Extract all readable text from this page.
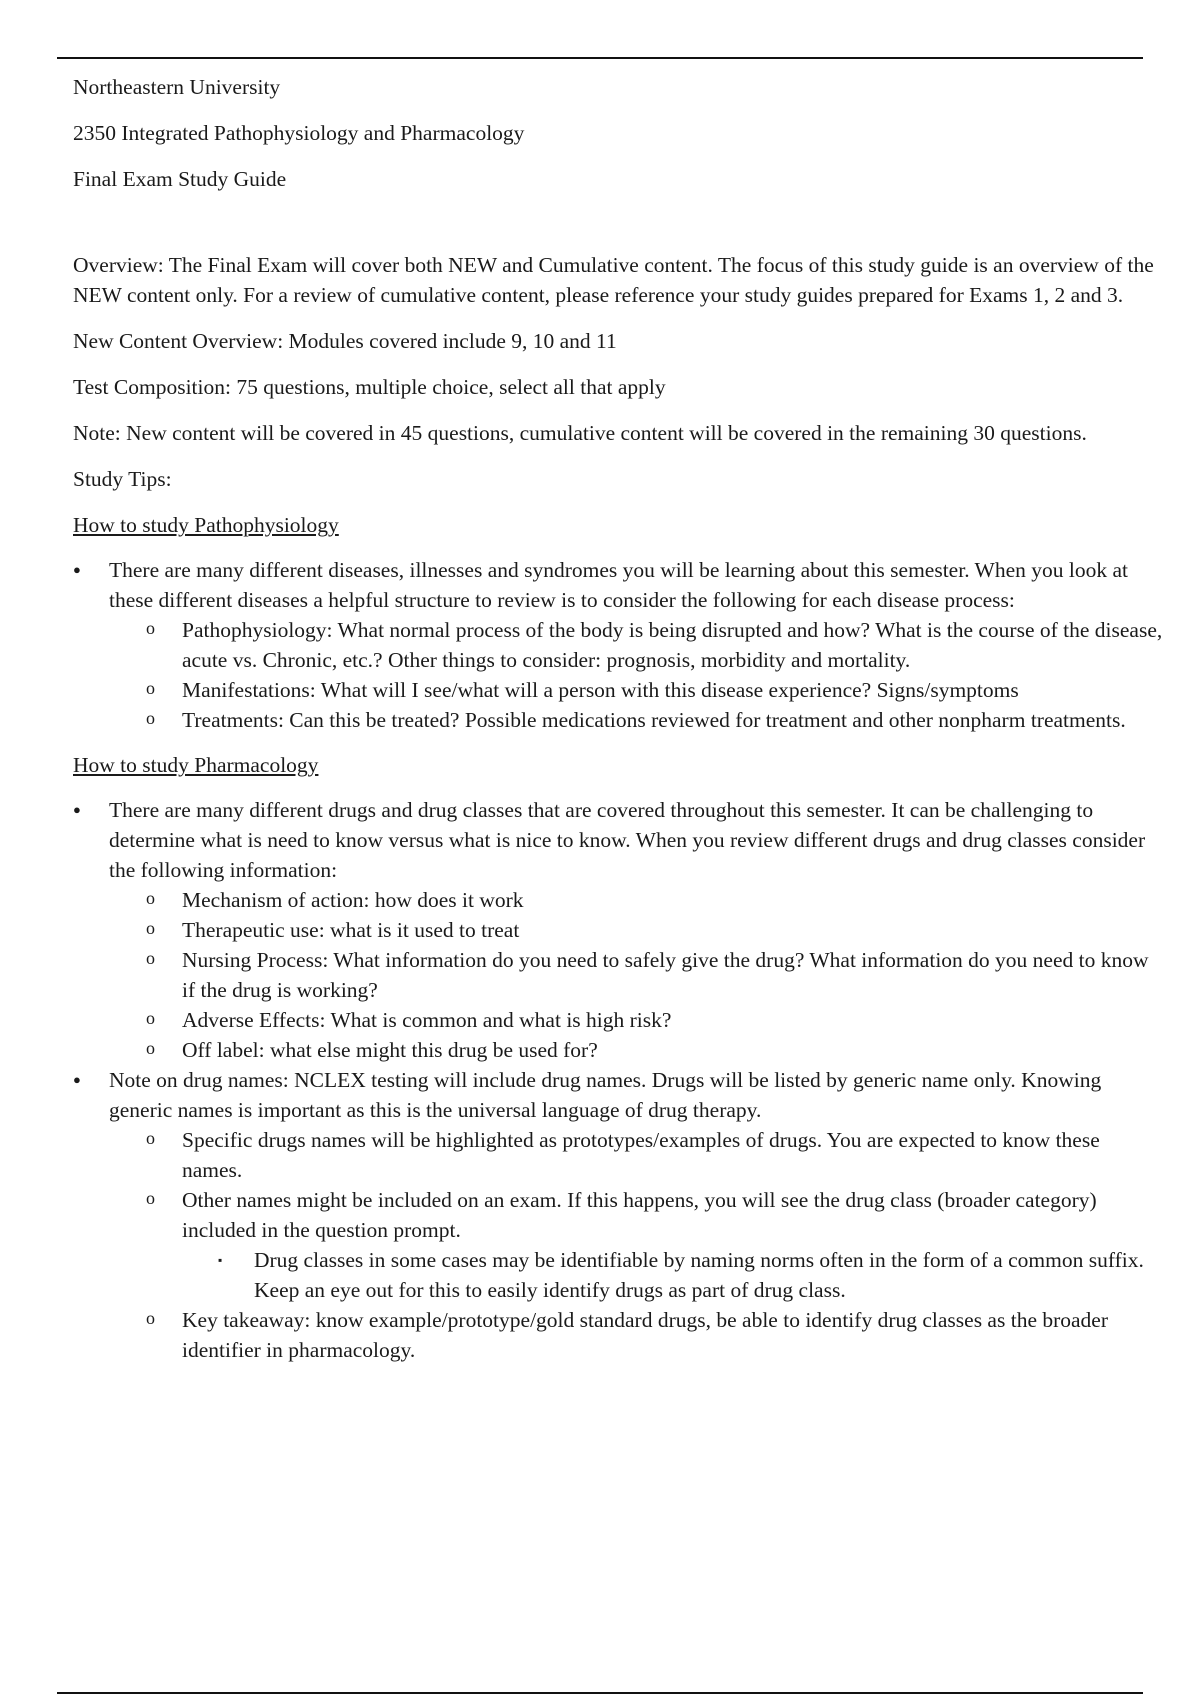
Northeastern University

2350 Integrated Pathophysiology and Pharmacology

Final Exam Study Guide

Overview: The Final Exam will cover both NEW and Cumulative content. The focus of this study guide is an overview of the NEW content only. For a review of cumulative content, please reference your study guides prepared for Exams 1, 2 and 3.

New Content Overview: Modules covered include 9, 10 and 11

Test Composition: 75 questions, multiple choice, select all that apply

Note: New content will be covered in 45 questions, cumulative content will be covered in the remaining 30 questions.

Study Tips:

How to study Pathophysiology

● There are many different diseases, illnesses and syndromes you will be learning about this semester. When you look at these different diseases a helpful structure to review is to consider the following for each disease process:
o Pathophysiology: What normal process of the body is being disrupted and how? What is the course of the disease, acute vs. Chronic, etc.? Other things to consider: prognosis, morbidity and mortality.
o Manifestations: What will I see/what will a person with this disease experience? Signs/symptoms
o Treatments: Can this be treated? Possible medications reviewed for treatment and other nonpharm treatments.

How to study Pharmacology

● There are many different drugs and drug classes that are covered throughout this semester. It can be challenging to determine what is need to know versus what is nice to know. When you review different drugs and drug classes consider the following information:
o Mechanism of action: how does it work
o Therapeutic use: what is it used to treat
o Nursing Process: What information do you need to safely give the drug? What information do you need to know if the drug is working?
o Adverse Effects: What is common and what is high risk?
o Off label: what else might this drug be used for?
● Note on drug names: NCLEX testing will include drug names. Drugs will be listed by generic name only. Knowing generic names is important as this is the universal language of drug therapy.
o Specific drugs names will be highlighted as prototypes/examples of drugs. You are expected to know these names.
o Other names might be included on an exam. If this happens, you will see the drug class (broader category) included in the question prompt.
▪ Drug classes in some cases may be identifiable by naming norms often in the form of a common suffix. Keep an eye out for this to easily identify drugs as part of drug class.
o Key takeaway: know example/prototype/gold standard drugs, be able to identify drug classes as the broader identifier in pharmacology.
